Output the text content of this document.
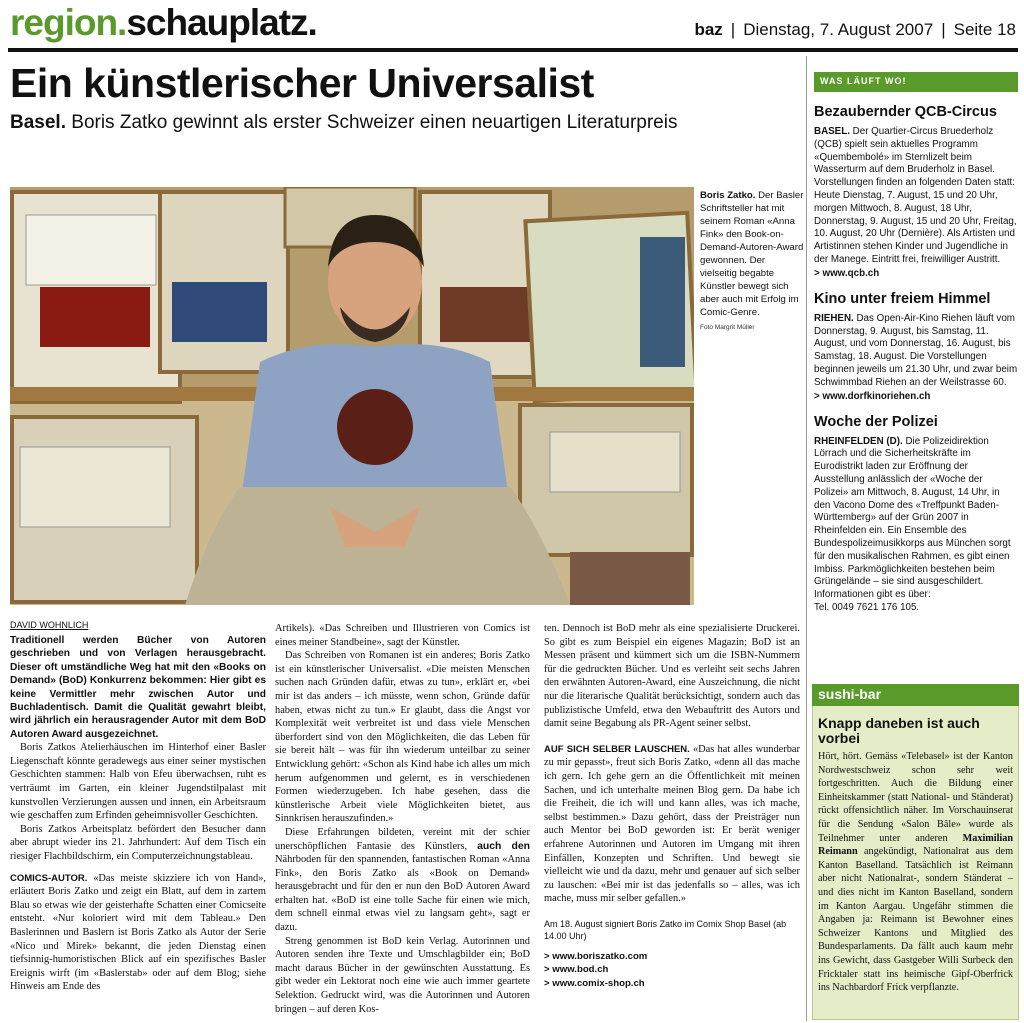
region.schauplatz.	baz | Dienstag, 7. August 2007 | Seite 18
Ein künstlerischer Universalist
Basel. Boris Zatko gewinnt als erster Schweizer einen neuartigen Literaturpreis
Boris Zatko. Der Basler Schriftsteller hat mit seinem Roman «Anna Fink» den Book-on-Demand-Autoren-Award gewonnen. Der vielseitig begabte Künstler bewegt sich aber auch mit Erfolg im Comic-Genre.
Foto Margrit Müller
DAVID WOHNLICH

Traditionell werden Bücher von Autoren geschrieben und von Verlagen herausgebracht. Dieser oft umständliche Weg hat mit den «Books on Demand» (BoD) Konkurrenz bekommen: Hier gibt es keine Vermittler mehr zwischen Autor und Buchladentisch. Damit die Qualität gewahrt bleibt, wird jährlich ein herausragender Autor mit dem BoD Autoren Award ausgezeichnet.

Boris Zatkos Atelierhäuschen im Hinterhof einer Basler Liegenschaft könnte geradewegs aus einer seiner mystischen Geschichten stammen: Halb von Efeu überwachsen, ruht es verträumt im Garten, ein kleiner Jugendstilpalast mit kunstvollen Verzierungen aussen und innen, ein Arbeitsraum wie geschaffen zum Erfinden geheimnisvoller Geschichten.

Boris Zatkos Arbeitsplatz befördert den Besucher dann aber abrupt wieder ins 21. Jahrhundert: Auf dem Tisch ein riesiger Flachbildschirm, ein Computerzeichnungstableau.

COMICS-AUTOR. «Das meiste skizziere ich von Hand», erläutert Boris Zatko und zeigt ein Blatt, auf dem in zartem Blau so etwas wie der geisterhafte Schatten einer Comicseite entsteht. «Nur koloriert wird mit dem Tableau.» Den Baslerinnen und Baslern ist Boris Zatko als Autor der Serie «Nico und Mirek» bekannt, die jeden Dienstag einen tiefsinnig-humoristischen Blick auf ein spezifisches Basler Ereignis wirft (im «Baslerstab» oder auf dem Blog; siehe Hinweis am Ende des

Artikels). «Das Schreiben und Illustrieren von Comics ist eines meiner Standbeine», sagt der Künstler.

Das Schreiben von Romanen ist ein anderes; Boris Zatko ist ein künstlerischer Universalist. «Die meisten Menschen suchen nach Gründen dafür, etwas zu tun», erklärt er, «bei mir ist das anders – ich müsste, wenn schon, Gründe dafür haben, etwas nicht zu tun.» Er glaubt, dass die Angst vor Komplexität weit verbreitet ist und dass viele Menschen überfordert sind von den Möglichkeiten, die das Leben für sie bereit hält – was für ihn wiederum unteilbar zu seiner Entwicklung gehört: «Schon als Kind habe ich alles um mich herum aufgenommen und gelernt, es in verschiedenen Formen wiederzugeben. Ich habe gesehen, dass die künstlerische Arbeit viele Möglichkeiten bietet, aus Sinnkrisen herauszufinden.»

Diese Erfahrungen bildeten, vereint mit der schier unerschöpflichen Fantasie des Künstlers, auch den Nährboden für den spannenden, fantastischen Roman «Anna Fink», den Boris Zatko als «Book on Demand» herausgebracht und für den er nun den BoD Autoren Award erhalten hat. «BoD ist eine tolle Sache für einen wie mich, dem schnell einmal etwas viel zu langsam geht», sagt er dazu.

Streng genommen ist BoD kein Verlag. Autorinnen und Autoren senden ihre Texte und Umschlagbilder ein; BoD macht daraus Bücher in der gewünschten Ausstattung. Es gibt weder ein Lektorat noch eine wie auch immer geartete Selektion. Gedruckt wird, was die Autorinnen und Autoren bringen – auf deren Kos-

ten. Dennoch ist BoD mehr als eine spezialisierte Druckerei. So gibt es zum Beispiel ein eigenes Magazin; BoD ist an Messen präsent und kümmert sich um die ISBN-Nummern für die gedruckten Bücher. Und es verleiht seit sechs Jahren den erwähnten Autoren-Award, eine Auszeichnung, die nicht nur die literarische Qualität berücksichtigt, sondern auch das publizistische Umfeld, etwa den Webauftritt des Autors und damit seine Begabung als PR-Agent seiner selbst.

AUF SICH SELBER LAUSCHEN. «Das hat alles wunderbar zu mir gepasst», freut sich Boris Zatko, «denn all das mache ich gern. Ich gehe gern an die Öffentlichkeit mit meinen Sachen, und ich unterhalte meinen Blog gern. Da habe ich die Freiheit, die ich will und kann alles, was ich mache, selbst bestimmen.» Dazu gehört, dass der Preisträger nun auch Mentor bei BoD geworden ist: Er berät weniger erfahrene Autorinnen und Autoren im Umgang mit ihren Einfällen, Konzepten und Schriften. Und bewegt sie vielleicht wie und da dazu, mehr und genauer auf sich selber zu lauschen: «Bei mir ist das jedenfalls so – alles, was ich mache, muss mir selber gefallen.»

Am 18. August signiert Boris Zatko im Comix Shop Basel (ab 14.00 Uhr)

> www.boriszatko.com
> www.bod.ch
> www.comix-shop.ch
WAS LÄUFT WO!
Bezaubernder QCB-Circus
BASEL. Der Quartier-Circus Bruederholz (QCB) spielt sein aktuelles Programm «Quembembolé» im Sternlizelt beim Wasserturm auf dem Bruderholz in Basel. Vorstellungen finden an folgenden Daten statt: Heute Dienstag, 7. August, 15 und 20 Uhr, morgen Mittwoch, 8. August, 18 Uhr, Donnerstag, 9. August, 15 und 20 Uhr, Freitag, 10. August, 20 Uhr (Dernière). Als Artisten und Artistinnen stehen Kinder und Jugendliche in der Manege. Eintritt frei, freiwilliger Austritt.
> www.qcb.ch
Kino unter freiem Himmel
RIEHEN. Das Open-Air-Kino Riehen läuft vom Donnerstag, 9. August, bis Samstag, 11. August, und vom Donnerstag, 16. August, bis Samstag, 18. August. Die Vorstellungen beginnen jeweils um 21.30 Uhr, und zwar beim Schwimmbad Riehen an der Weilstrasse 60.
> www.dorfkinoriehen.ch
Woche der Polizei
RHEINFELDEN (D). Die Polizeidirektion Lörrach und die Sicherheitskräfte im Eurodistrikt laden zur Eröffnung der Ausstellung anlässlich der «Woche der Polizei» am Mittwoch, 8. August, 14 Uhr, in den Vacono Dome des «Treffpunkt Baden-Württemberg» auf der Grün 2007 in Rheinfelden ein. Ein Ensemble des Bundespolizeimusikkorps aus München sorgt für den musikalischen Rahmen, es gibt einen Imbiss. Parkmöglichkeiten bestehen beim Grüngelände – sie sind ausgeschildert. Informationen gibt es über:
Tel. 0049 7621 176 105.
sushi-bar
Knapp daneben ist auch vorbei
Hört, hört. Gemäss «Telebasel» ist der Kanton Nordwestschweiz schon sehr weit fortgeschritten. Auch die Bildung einer Einheitskammer (statt National- und Ständerat) rückt offensichtlich näher. Im Vorschauinserat für die Sendung «Salon Bâle» wurde als Teilnehmer unter anderen Maximilian Reimann angekündigt, Nationalrat aus dem Kanton Baselland. Tatsächlich ist Reimann aber nicht Nationalrat-, sondern Ständerat – und dies nicht im Kanton Baselland, sondern im Kanton Aargau. Ungefähr stimmen die Angaben ja: Reimann ist Bewohner eines Schweizer Kantons und Mitglied des Bundesparlaments. Da fällt auch kaum mehr ins Gewicht, dass Gastgeber Willi Surbeck den Fricktaler statt ins heimische Gipf-Oberfrick ins Nachbardorf Frick verpflanzte.
